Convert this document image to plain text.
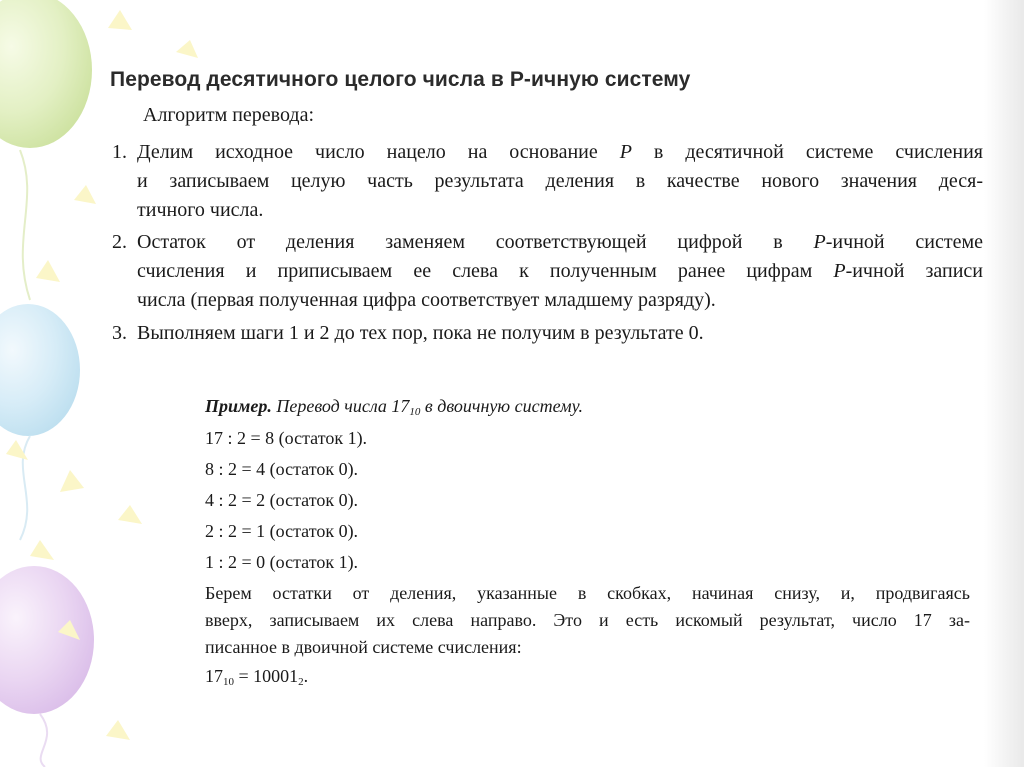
Перевод десятичного целого числа в Р-ичную систему
Алгоритм перевода:
1. Делим исходное число нацело на основание P в десятичной системе счисления
и записываем целую часть результата деления в качестве нового значения деся-
тичного числа.
2. Остаток от деления заменяем соответствующей цифрой в P-ичной системе
счисления и приписываем ее слева к полученным ранее цифрам P-ичной записи
числа (первая полученная цифра соответствует младшему разряду).
3. Выполняем шаги 1 и 2 до тех пор, пока не получим в результате 0.
Пример. Перевод числа $17_{10}$ в двоичную систему.
17 : 2 = 8 (остаток 1).
8 : 2 = 4 (остаток 0).
4 : 2 = 2 (остаток 0).
2 : 2 = 1 (остаток 0).
1 : 2 = 0 (остаток 1).
Берем остатки от деления, указанные в скобках, начиная снизу, и, продвигаясь
вверх, записываем их слева направо. Это и есть искомый результат, число 17 за-
писанное в двоичной системе счисления:
$17_{10} = 10001_2$.
